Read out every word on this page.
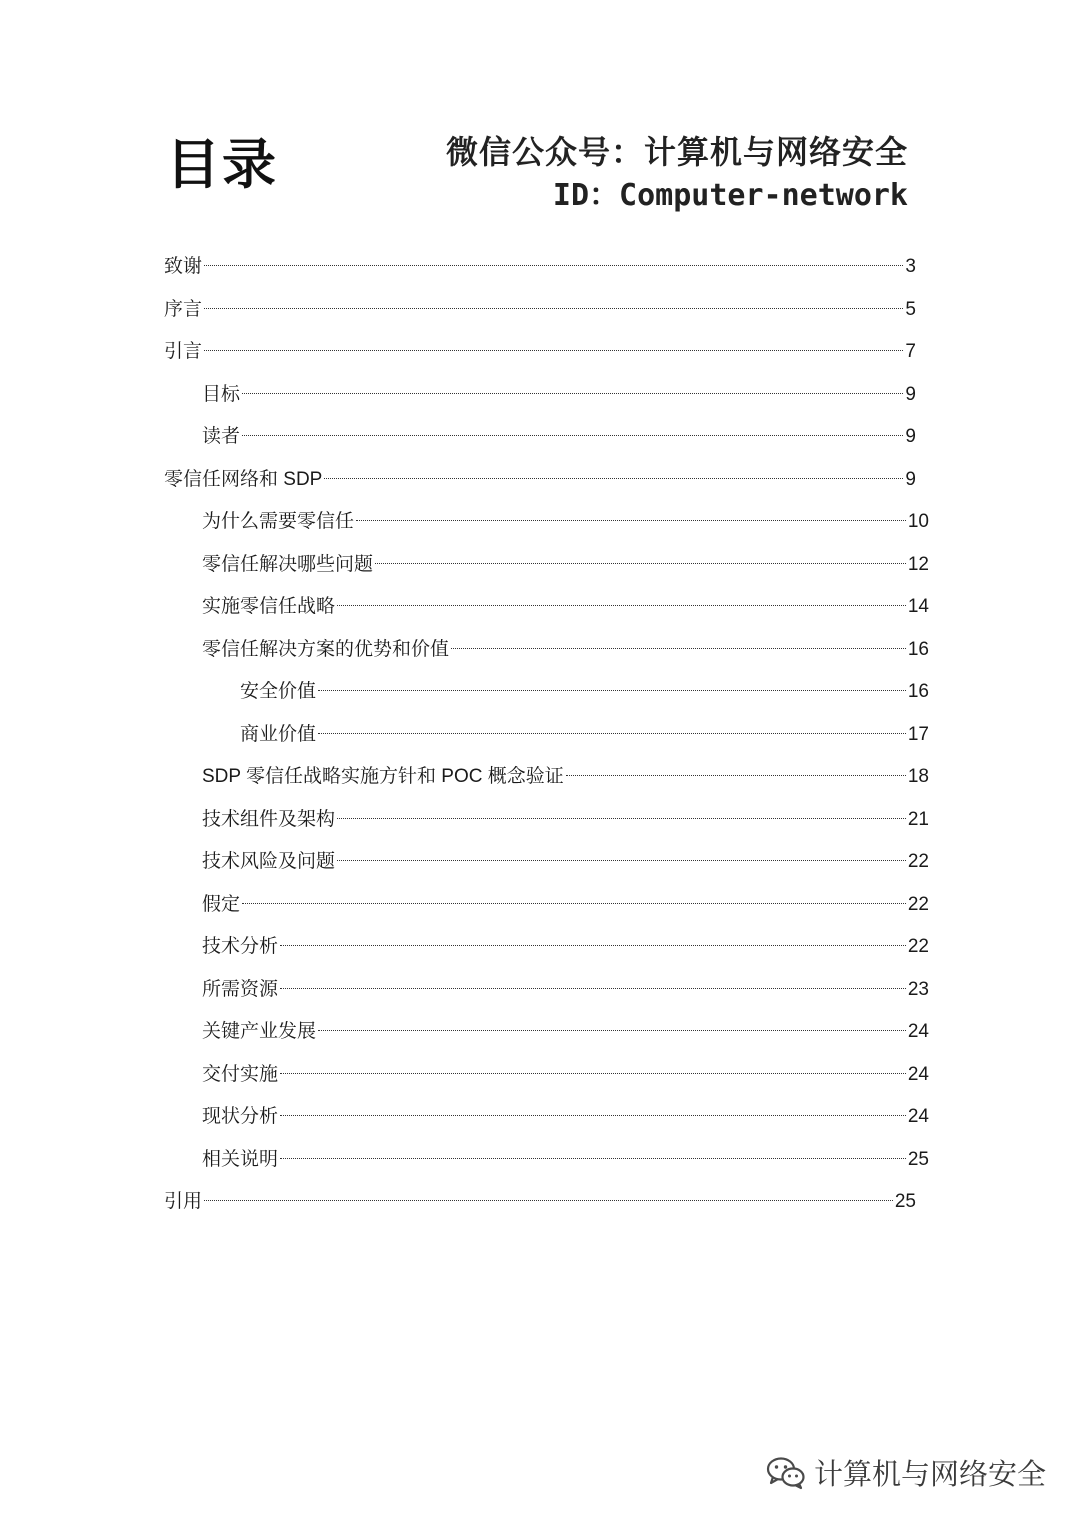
目录	微信公众号：计算机与网络安全
ID：Computer-network
致谢	3
序言	5
引言	7
目标	9
读者	9
零信任网络和 SDP	9
为什么需要零信任	10
零信任解决哪些问题	12
实施零信任战略	14
零信任解决方案的优势和价值	16
安全价值	16
商业价值	17
SDP 零信任战略实施方针和 POC 概念验证	18
技术组件及架构	21
技术风险及问题	22
假定	22
技术分析	22
所需资源	23
关键产业发展	24
交付实施	24
现状分析	24
相关说明	25
引用	25
计算机与网络安全
